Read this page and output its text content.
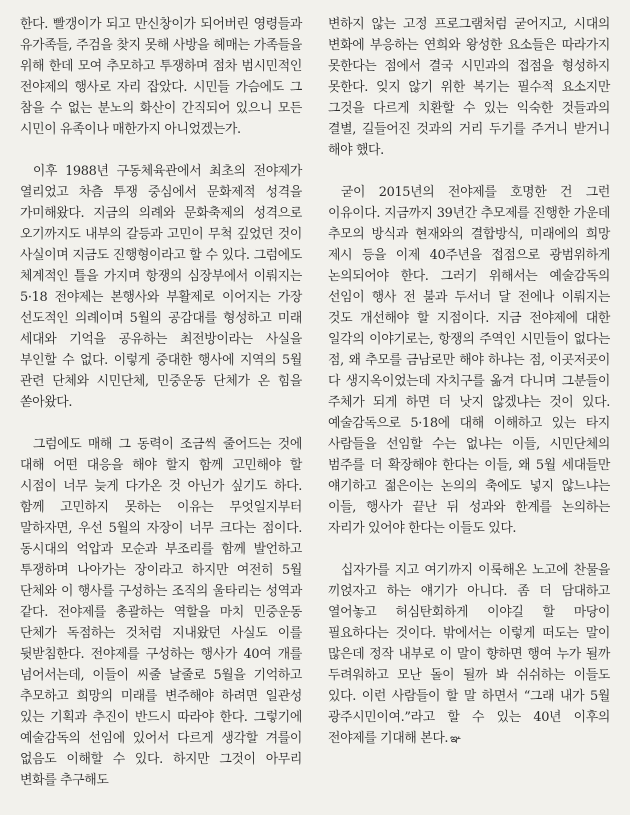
한다. 빨갱이가 되고 만신창이가 되어버린 영령들과 유가족들, 주검을 찾지 못해 사방을 헤매는 가족들을 위해 한데 모여 추모하고 투쟁하며 점차 범시민적인 전야제의 행사로 자리 잡았다. 시민들 가슴에도 그 참을 수 없는 분노의 화산이 간직되어 있으니 모든 시민이 유족이나 매한가지 아니었겠는가.

이후 1988년 구동체육관에서 최초의 전야제가 열리었고 차츰 투쟁 중심에서 문화제적 성격을 가미해왔다. 지금의 의례와 문화축제의 성격으로 오기까지도 내부의 갈등과 고민이 무척 깊었던 것이 사실이며 지금도 진행형이라고 할 수 있다. 그럼에도 체계적인 틀을 가지며 항쟁의 심장부에서 이뤄지는 5·18 전야제는 본행사와 부활제로 이어지는 가장 선도적인 의례이며 5월의 공감대를 형성하고 미래 세대와 기억을 공유하는 최전방이라는 사실을 부인할 수 없다. 이렇게 중대한 행사에 지역의 5월 관련 단체와 시민단체, 민중운동 단체가 온 힘을 쏟아왔다.

그럼에도 매해 그 동력이 조금씩 줄어드는 것에 대해 어떤 대응을 해야 할지 함께 고민해야 할 시점이 너무 늦게 다가온 것 아닌가 싶기도 하다. 함께 고민하지 못하는 이유는 무엇일지부터 말하자면, 우선 5월의 자장이 너무 크다는 점이다. 동시대의 억압과 모순과 부조리를 함께 발언하고 투쟁하며 나아가는 장이라고 하지만 여전히 5월 단체와 이 행사를 구성하는 조직의 울타리는 성역과 같다. 전야제를 총괄하는 역할을 마치 민중운동 단체가 독점하는 것처럼 지내왔던 사실도 이를 뒷받침한다. 전야제를 구성하는 행사가 40여 개를 넘어서는데, 이들이 씨줄 날줄로 5월을 기억하고 추모하고 희망의 미래를 변주해야 하려면 일관성 있는 기획과 추진이 반드시 따라야 한다. 그렇기에 예술감독의 선임에 있어서 다르게 생각할 겨를이 없음도 이해할 수 있다. 하지만 그것이 아무리 변화를 추구해도

변하지 않는 고정 프로그램처럼 굳어지고, 시대의 변화에 부응하는 연희와 왕성한 요소들은 따라가지 못한다는 점에서 결국 시민과의 접점을 형성하지 못한다. 잊지 않기 위한 복기는 필수적 요소지만 그것을 다르게 치환할 수 있는 익숙한 것들과의 결별, 길들어진 것과의 거리 두기를 주거니 받거니 해야 했다.

굳이 2015년의 전야제를 호명한 건 그런 이유이다. 지금까지 39년간 추모제를 진행한 가운데 추모의 방식과 현재와의 결합방식, 미래에의 희망 제시 등을 이제 40주년을 접점으로 광범위하게 논의되어야 한다. 그러기 위해서는 예술감독의 선임이 행사 전 불과 두서너 달 전에나 이뤄지는 것도 개선해야 할 지점이다. 지금 전야제에 대한 일각의 이야기로는, 항쟁의 주역인 시민들이 없다는 점, 왜 추모를 금남로만 해야 하냐는 점, 이곳저곳이 다 생지옥이었는데 자치구를 옮겨 다니며 그분들이 주체가 되게 하면 더 낫지 않겠냐는 것이 있다. 예술감독으로 5·18에 대해 이해하고 있는 타지 사람들을 선임할 수는 없냐는 이들, 시민단체의 범주를 더 확장해야 한다는 이들, 왜 5월 세대들만 얘기하고 젊은이는 논의의 축에도 넣지 않느냐는 이들, 행사가 끝난 뒤 성과와 한계를 논의하는 자리가 있어야 한다는 이들도 있다.

십자가를 지고 여기까지 이룩해온 노고에 찬물을 끼얹자고 하는 얘기가 아니다. 좀 더 담대하고 열어놓고 허심탄회하게 이야길 할 마당이 필요하다는 것이다. 밖에서는 이렇게 떠도는 말이 많은데 정작 내부로 이 말이 향하면 행여 누가 될까 두려워하고 모난 돌이 될까 봐 쉬쉬하는 이들도 있다. 이런 사람들이 할 말 하면서 “그래 내가 5월 광주시민이여.”라고 할 수 있는 40년 이후의 전야제를 기대해 본다. ఞ
